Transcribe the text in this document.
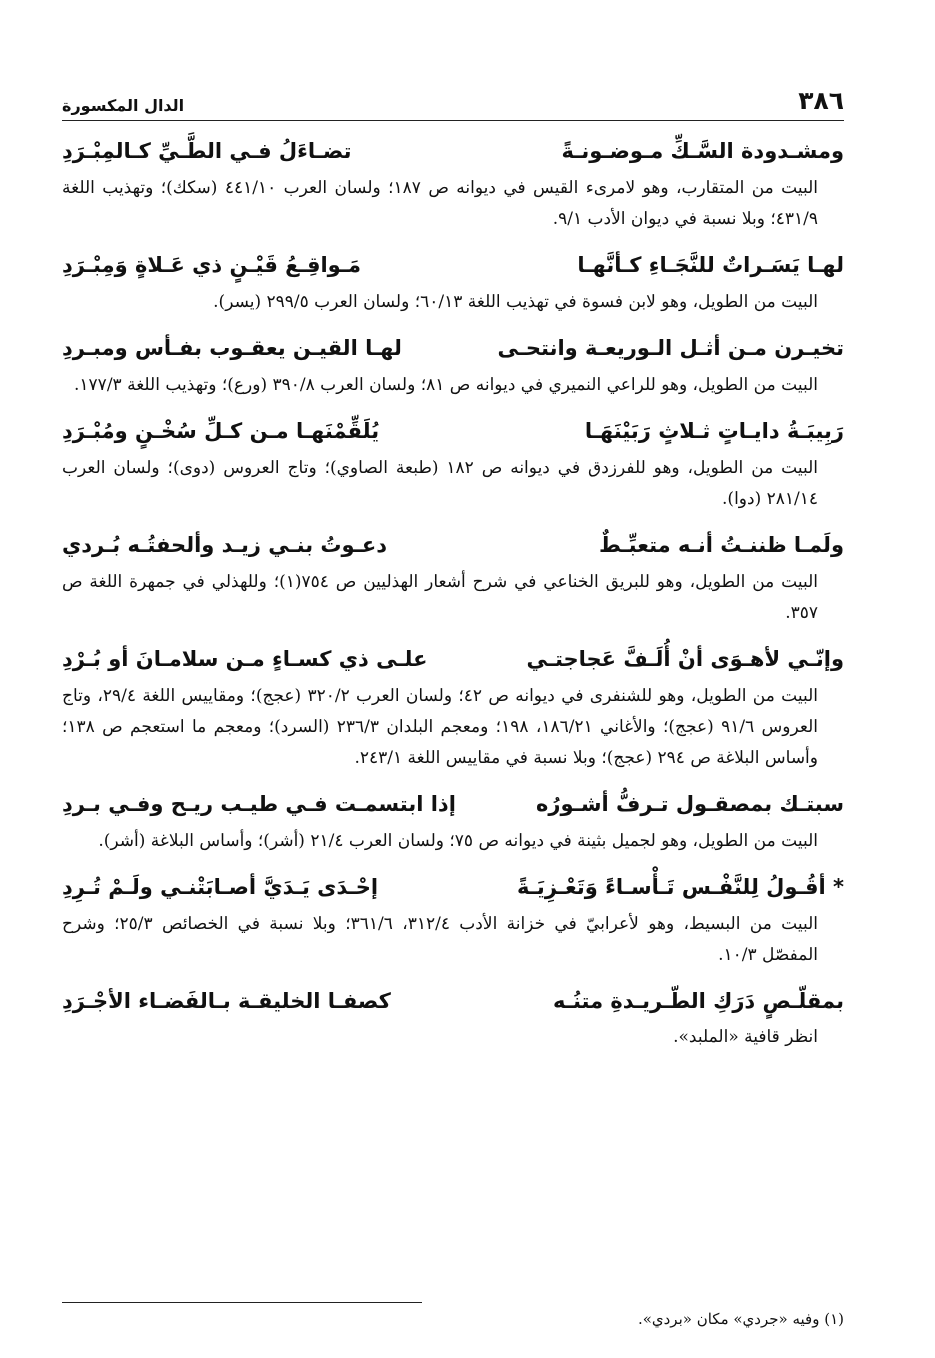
٣٨٦
الدال المكسورة
ومشـدودة السَّـكِّ مـوضـونـةً
تضـاءَلُ فـي الطَّـيِّ كـالمِبْـرَدِ
البيت من المتقارب، وهو لامرىء القيس في ديوانه ص ١٨٧؛ ولسان العرب ٤٤١/١٠ (سكك)؛ وتهذيب اللغة ٤٣١/٩؛ وبلا نسبة في ديوان الأدب ٩/١.
لهـا يَسَـراتٌ للنَّجَـاءِ كـأنَّهـا
مَـواقِـعُ قَيْـنٍ ذي عَـلاةٍ وَمِبْـرَدِ
البيت من الطويل، وهو لابن فسوة في تهذيب اللغة ٦٠/١٣؛ ولسان العرب ٢٩٩/٥ (يسر).
تخيـرن مـن أثـل الـوريعـة وانتحـى
لهـا القيـن يعقـوب بفـأس ومبـردِ
البيت من الطويل، وهو للراعي النميري في ديوانه ص ٨١؛ ولسان العرب ٣٩٠/٨ (ورع)؛ وتهذيب اللغة ١٧٧/٣.
رَبِيبَـةُ دايـاتٍ ثـلاثٍ رَبَيْنَهَـا
يُلَقِّمْنَهـا مـن كـلِّ سُخْـنٍ ومُبْـرَدِ
البيت من الطويل، وهو للفرزدق في ديوانه ص ١٨٢ (طبعة الصاوي)؛ وتاج العروس (دوى)؛ ولسان العرب ٢٨١/١٤ (دوا).
ولَمـا ظننـتُ أنـه متعبِّـطٌ
دعـوتُ بنـي زيـد وألحفتُـه بُـردي
البيت من الطويل، وهو للبريق الخناعي في شرح أشعار الهذليين ص ٧٥٤(١)؛ وللهذلي في جمهرة اللغة ص ٣٥٧.
وإنّـي لأهـوَى أنْ أُلَـفَّ عَجاجتـي
علـى ذي كسـاءٍ مـن سلامـانَ أو بُـرْدِ
البيت من الطويل، وهو للشنفرى في ديوانه ص ٤٢؛ ولسان العرب ٣٢٠/٢ (عجج)؛ ومقاييس اللغة ٢٩/٤، وتاج العروس ٩١/٦ (عجج)؛ والأغاني ١٨٦/٢١، ١٩٨؛ ومعجم البلدان ٢٣٦/٣ (السرد)؛ ومعجم ما استعجم ص ١٣٨؛ وأساس البلاغة ص ٢٩٤ (عجج)؛ وبلا نسبة في مقاييس اللغة ٢٤٣/١.
سبتـك بمصقـول تـرفُّ أشـورُه
إذا ابتسمـت فـي طيـب ريـح وفـي بـردِ
البيت من الطويل، وهو لجميل بثينة في ديوانه ص ٧٥؛ ولسان العرب ٢١/٤ (أشر)؛ وأساس البلاغة (أشر).
* أقُـولُ لِلنَّفْـس تَـأْسـاءً وَتَعْـزِيَـةً
إحْـدَى يَـدَيَّ أصـابَتْنـي ولَـمْ تُـرِدِ
البيت من البسيط، وهو لأعرابيّ في خزانة الأدب ٣١٢/٤، ٣٦١/٦؛ وبلا نسبة في الخصائص ٢٥/٣؛ وشرح المفصّل ١٠/٣.
بمقلّـصٍ دَرَكِ الطّـريـدةِ متنُـه
كصفـا الخليقـة بـالفَضـاء الأجْـرَدِ
انظر قافية «الملبد».
(١) وفيه «جردي» مكان «بردي».
